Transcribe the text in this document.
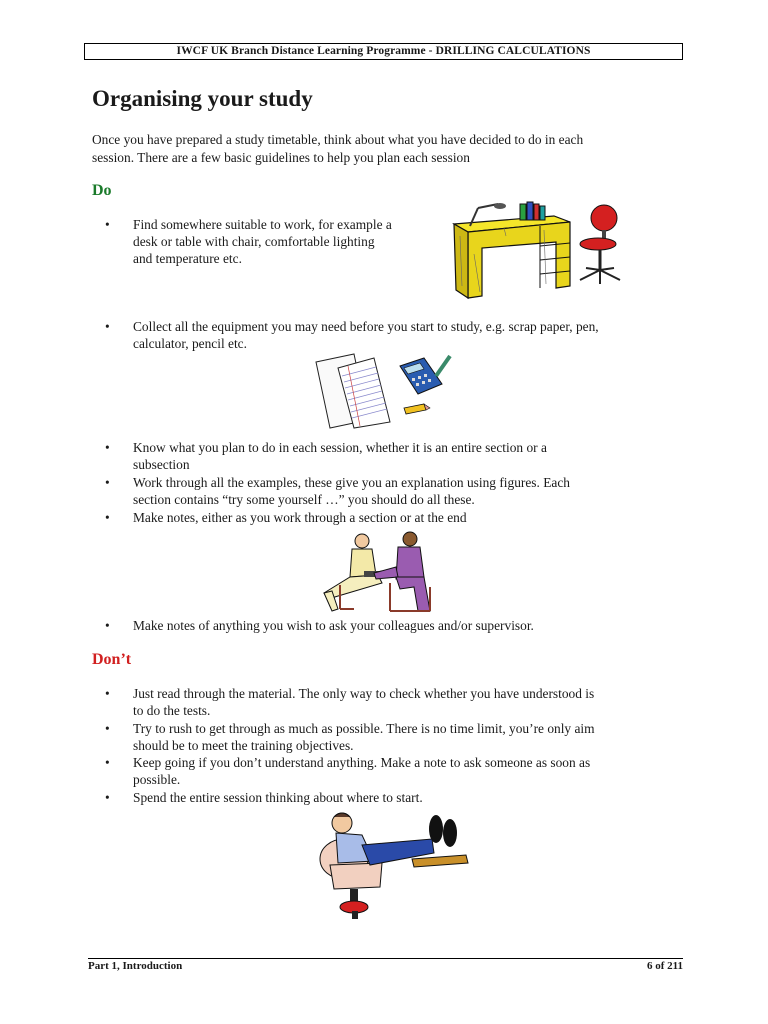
IWCF UK Branch Distance Learning Programme - DRILLING CALCULATIONS
Organising your study
Once you have prepared a study timetable, think about what you have decided to do in each
session. There are a few basic guidelines to help you plan each session
Do
• Find somewhere suitable to work, for example a
desk or table with chair, comfortable lighting
and temperature etc.
• Collect all the equipment you may need before you start to study, e.g. scrap paper, pen,
calculator, pencil etc.
• Know what you plan to do in each session, whether it is an entire section or a
subsection
• Work through all the examples, these give you an explanation using figures. Each
section contains “try some yourself …” you should do all these.
• Make notes, either as you work through a section or at the end
• Make notes of anything you wish to ask your colleagues and/or supervisor.
Don’t
• Just read through the material. The only way to check whether you have understood is
to do the tests.
• Try to rush to get through as much as possible. There is no time limit, you’re only aim
should be to meet the training objectives.
• Keep going if you don’t understand anything. Make a note to ask someone as soon as
possible.
• Spend the entire session thinking about where to start.
Part 1, Introduction	6 of 211
